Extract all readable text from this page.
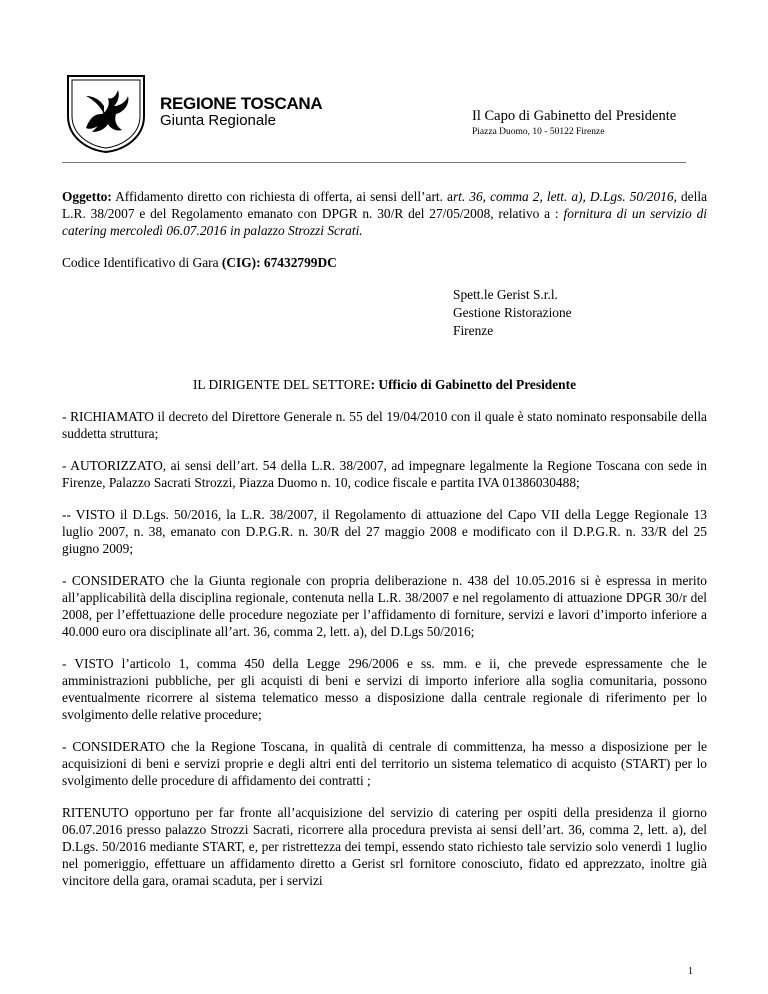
REGIONE TOSCANA
Giunta Regionale	Il Capo di Gabinetto del Presidente
Piazza Duomo, 10 - 50122 Firenze

Oggetto: Affidamento diretto con richiesta di offerta, ai sensi dell’art. art. 36, comma 2, lett. a), D.Lgs. 50/2016, della L.R. 38/2007 e del Regolamento emanato con DPGR n. 30/R del 27/05/2008, relativo a : fornitura di un servizio di catering mercoledì 06.07.2016 in palazzo Strozzi Scrati.

Codice Identificativo di Gara (CIG): 67432799DC

Spett.le Gerist S.r.l.
Gestione Ristorazione
Firenze

IL DIRIGENTE DEL SETTORE: Ufficio di Gabinetto del Presidente

- RICHIAMATO il decreto del Direttore Generale n. 55 del 19/04/2010 con il quale è stato nominato responsabile della suddetta struttura;

- AUTORIZZATO, ai sensi dell’art. 54 della L.R. 38/2007, ad impegnare legalmente la Regione Toscana con sede in Firenze, Palazzo Sacrati Strozzi, Piazza Duomo n. 10, codice fiscale e partita IVA 01386030488;

-- VISTO il D.Lgs. 50/2016, la L.R. 38/2007, il Regolamento di attuazione del Capo VII della Legge Regionale 13 luglio 2007, n. 38, emanato con D.P.G.R. n. 30/R del 27 maggio 2008 e modificato con il D.P.G.R. n. 33/R del 25 giugno 2009;

- CONSIDERATO che la Giunta regionale con propria deliberazione n. 438 del 10.05.2016 si è espressa in merito all’applicabilità della disciplina regionale, contenuta nella L.R. 38/2007 e nel regolamento di attuazione DPGR 30/r del 2008, per l’effettuazione delle procedure negoziate per l’affidamento di forniture, servizi e lavori d’importo inferiore a 40.000 euro ora disciplinate all’art. 36, comma 2, lett. a), del D.Lgs 50/2016;

- VISTO l’articolo 1, comma 450 della Legge 296/2006 e ss. mm. e ii, che prevede espressamente che le amministrazioni pubbliche, per gli acquisti di beni e servizi di importo inferiore alla soglia comunitaria, possono eventualmente ricorrere al sistema telematico messo a disposizione dalla centrale regionale di riferimento per lo svolgimento delle relative procedure;

- CONSIDERATO che la Regione Toscana, in qualità di centrale di committenza, ha messo a disposizione per le acquisizioni di beni e servizi proprie e degli altri enti del territorio un sistema telematico di acquisto (START) per lo svolgimento delle procedure di affidamento dei contratti ;

RITENUTO opportuno per far fronte all’acquisizione del servizio di catering per ospiti della presidenza il giorno 06.07.2016 presso palazzo Strozzi Sacrati, ricorrere alla procedura prevista ai sensi dell’art. 36, comma 2, lett. a), del D.Lgs. 50/2016 mediante START, e, per ristrettezza dei tempi, essendo stato richiesto tale servizio solo venerdì 1 luglio nel pomeriggio, effettuare un affidamento diretto a Gerist srl fornitore conosciuto, fidato ed apprezzato, inoltre già vincitore della gara, oramai scaduta, per i servizi

1
